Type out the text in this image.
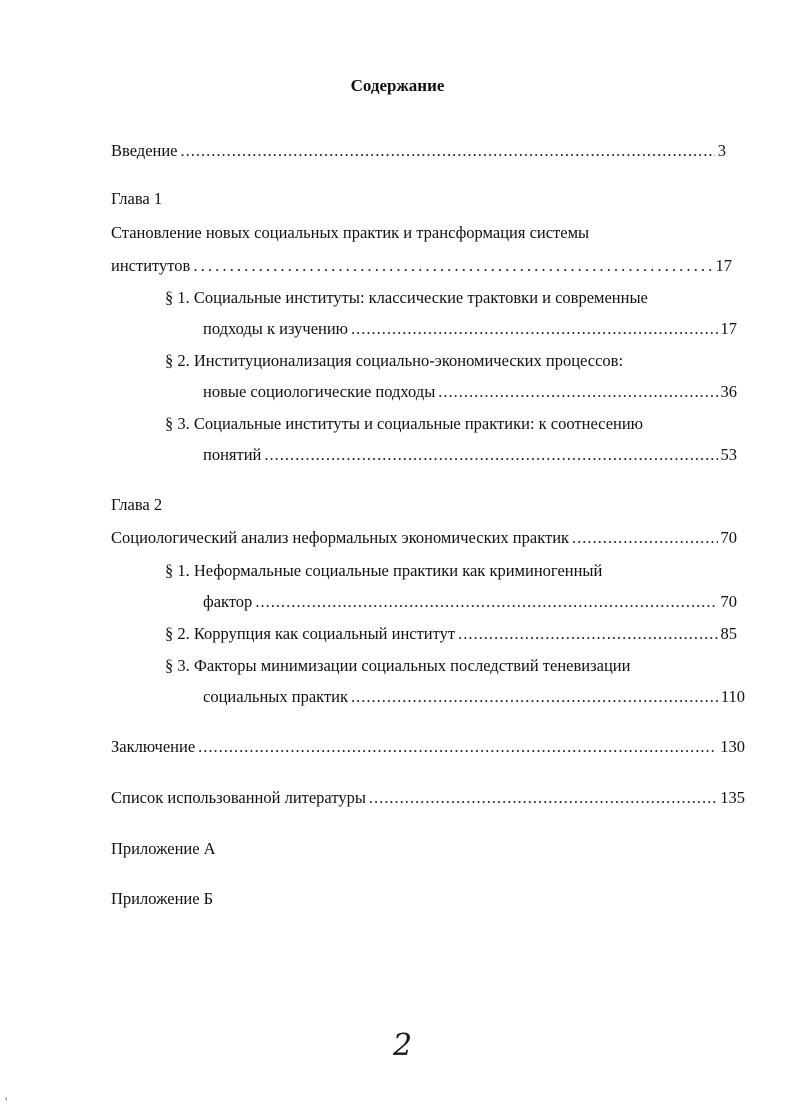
Содержание
Введение .....	3
Глава 1
Становление новых социальных практик и трансформация системы
институтов .....	17
§ 1. Социальные институты: классические трактовки и современные
подходы к изучению .....	17
§ 2. Институционализация социально-экономических процессов:
новые социологические подходы .....	36
§ 3. Социальные институты и социальные практики: к соотнесению
понятий .....	53
Глава 2
Социологический анализ неформальных экономических практик .....	70
§ 1. Неформальные социальные практики как криминогенный
фактор .....	70
§ 2. Коррупция как социальный институт .....	85
§ 3. Факторы минимизации социальных последствий теневизации
социальных практик .....	110
Заключение .....	130
Список использованной литературы .....	135
Приложение А
Приложение Б
2
‹
